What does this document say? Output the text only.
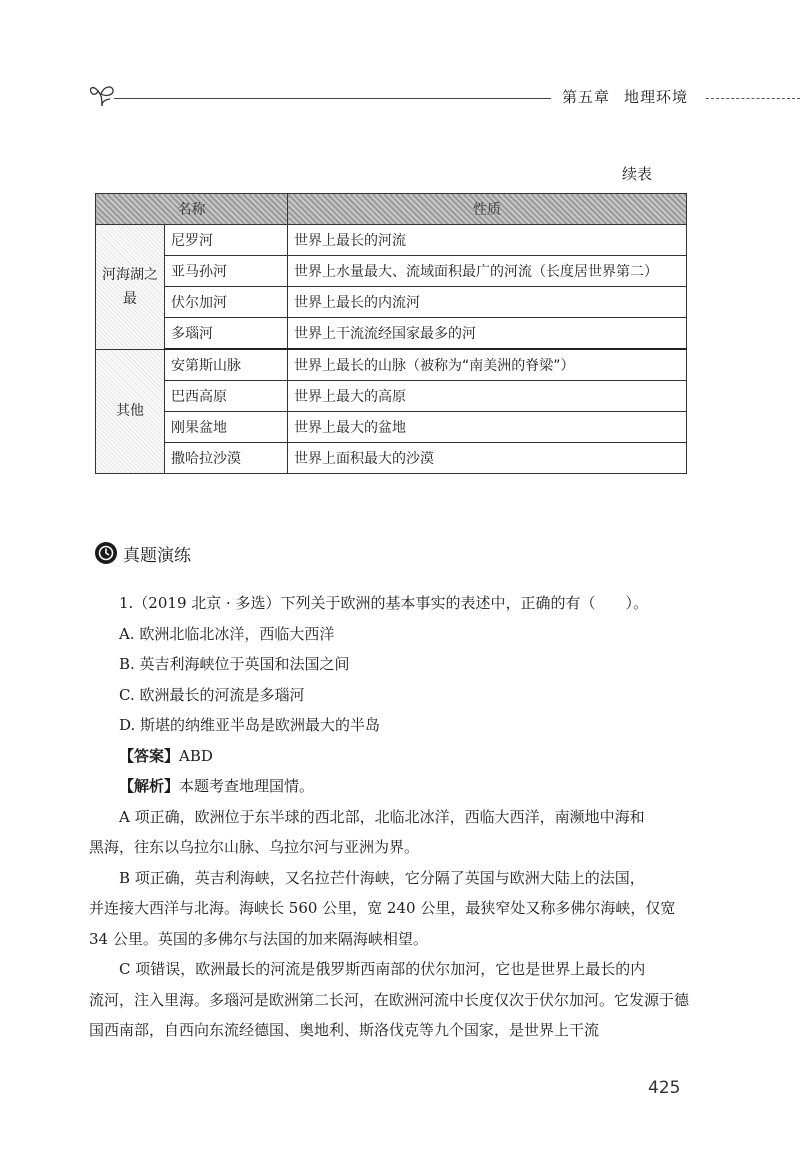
第五章 地理环境
续表
名称		性质
河海湖之最	尼罗河	世界上最长的河流
	亚马孙河	世界上水量最大、流域面积最广的河流（长度居世界第二）
	伏尔加河	世界上最长的内流河
	多瑙河	世界上干流流经国家最多的河
其他	安第斯山脉	世界上最长的山脉（被称为“南美洲的脊梁”）
	巴西高原	世界上最大的高原
	刚果盆地	世界上最大的盆地
	撒哈拉沙漠	世界上面积最大的沙漠
真题演练

1.（2019 北京 · 多选）下列关于欧洲的基本事实的表述中，正确的有（　　）。

A. 欧洲北临北冰洋，西临大西洋

B. 英吉利海峡位于英国和法国之间

C. 欧洲最长的河流是多瑙河

D. 斯堪的纳维亚半岛是欧洲最大的半岛

【答案】ABD

【解析】本题考查地理国情。

A 项正确，欧洲位于东半球的西北部，北临北冰洋，西临大西洋，南濒地中海和

黑海，往东以乌拉尔山脉、乌拉尔河与亚洲为界。

B 项正确，英吉利海峡，又名拉芒什海峡，它分隔了英国与欧洲大陆上的法国，

并连接大西洋与北海。海峡长 560 公里，宽 240 公里，最狭窄处又称多佛尔海峡，仅宽 34 公里。英国的多佛尔与法国的加来隔海峡相望。

C 项错误，欧洲最长的河流是俄罗斯西南部的伏尔加河，它也是世界上最长的内

流河，注入里海。多瑙河是欧洲第二长河，在欧洲河流中长度仅次于伏尔加河。它发源于德国西南部，自西向东流经德国、奥地利、斯洛伐克等九个国家，是世界上干流

425
